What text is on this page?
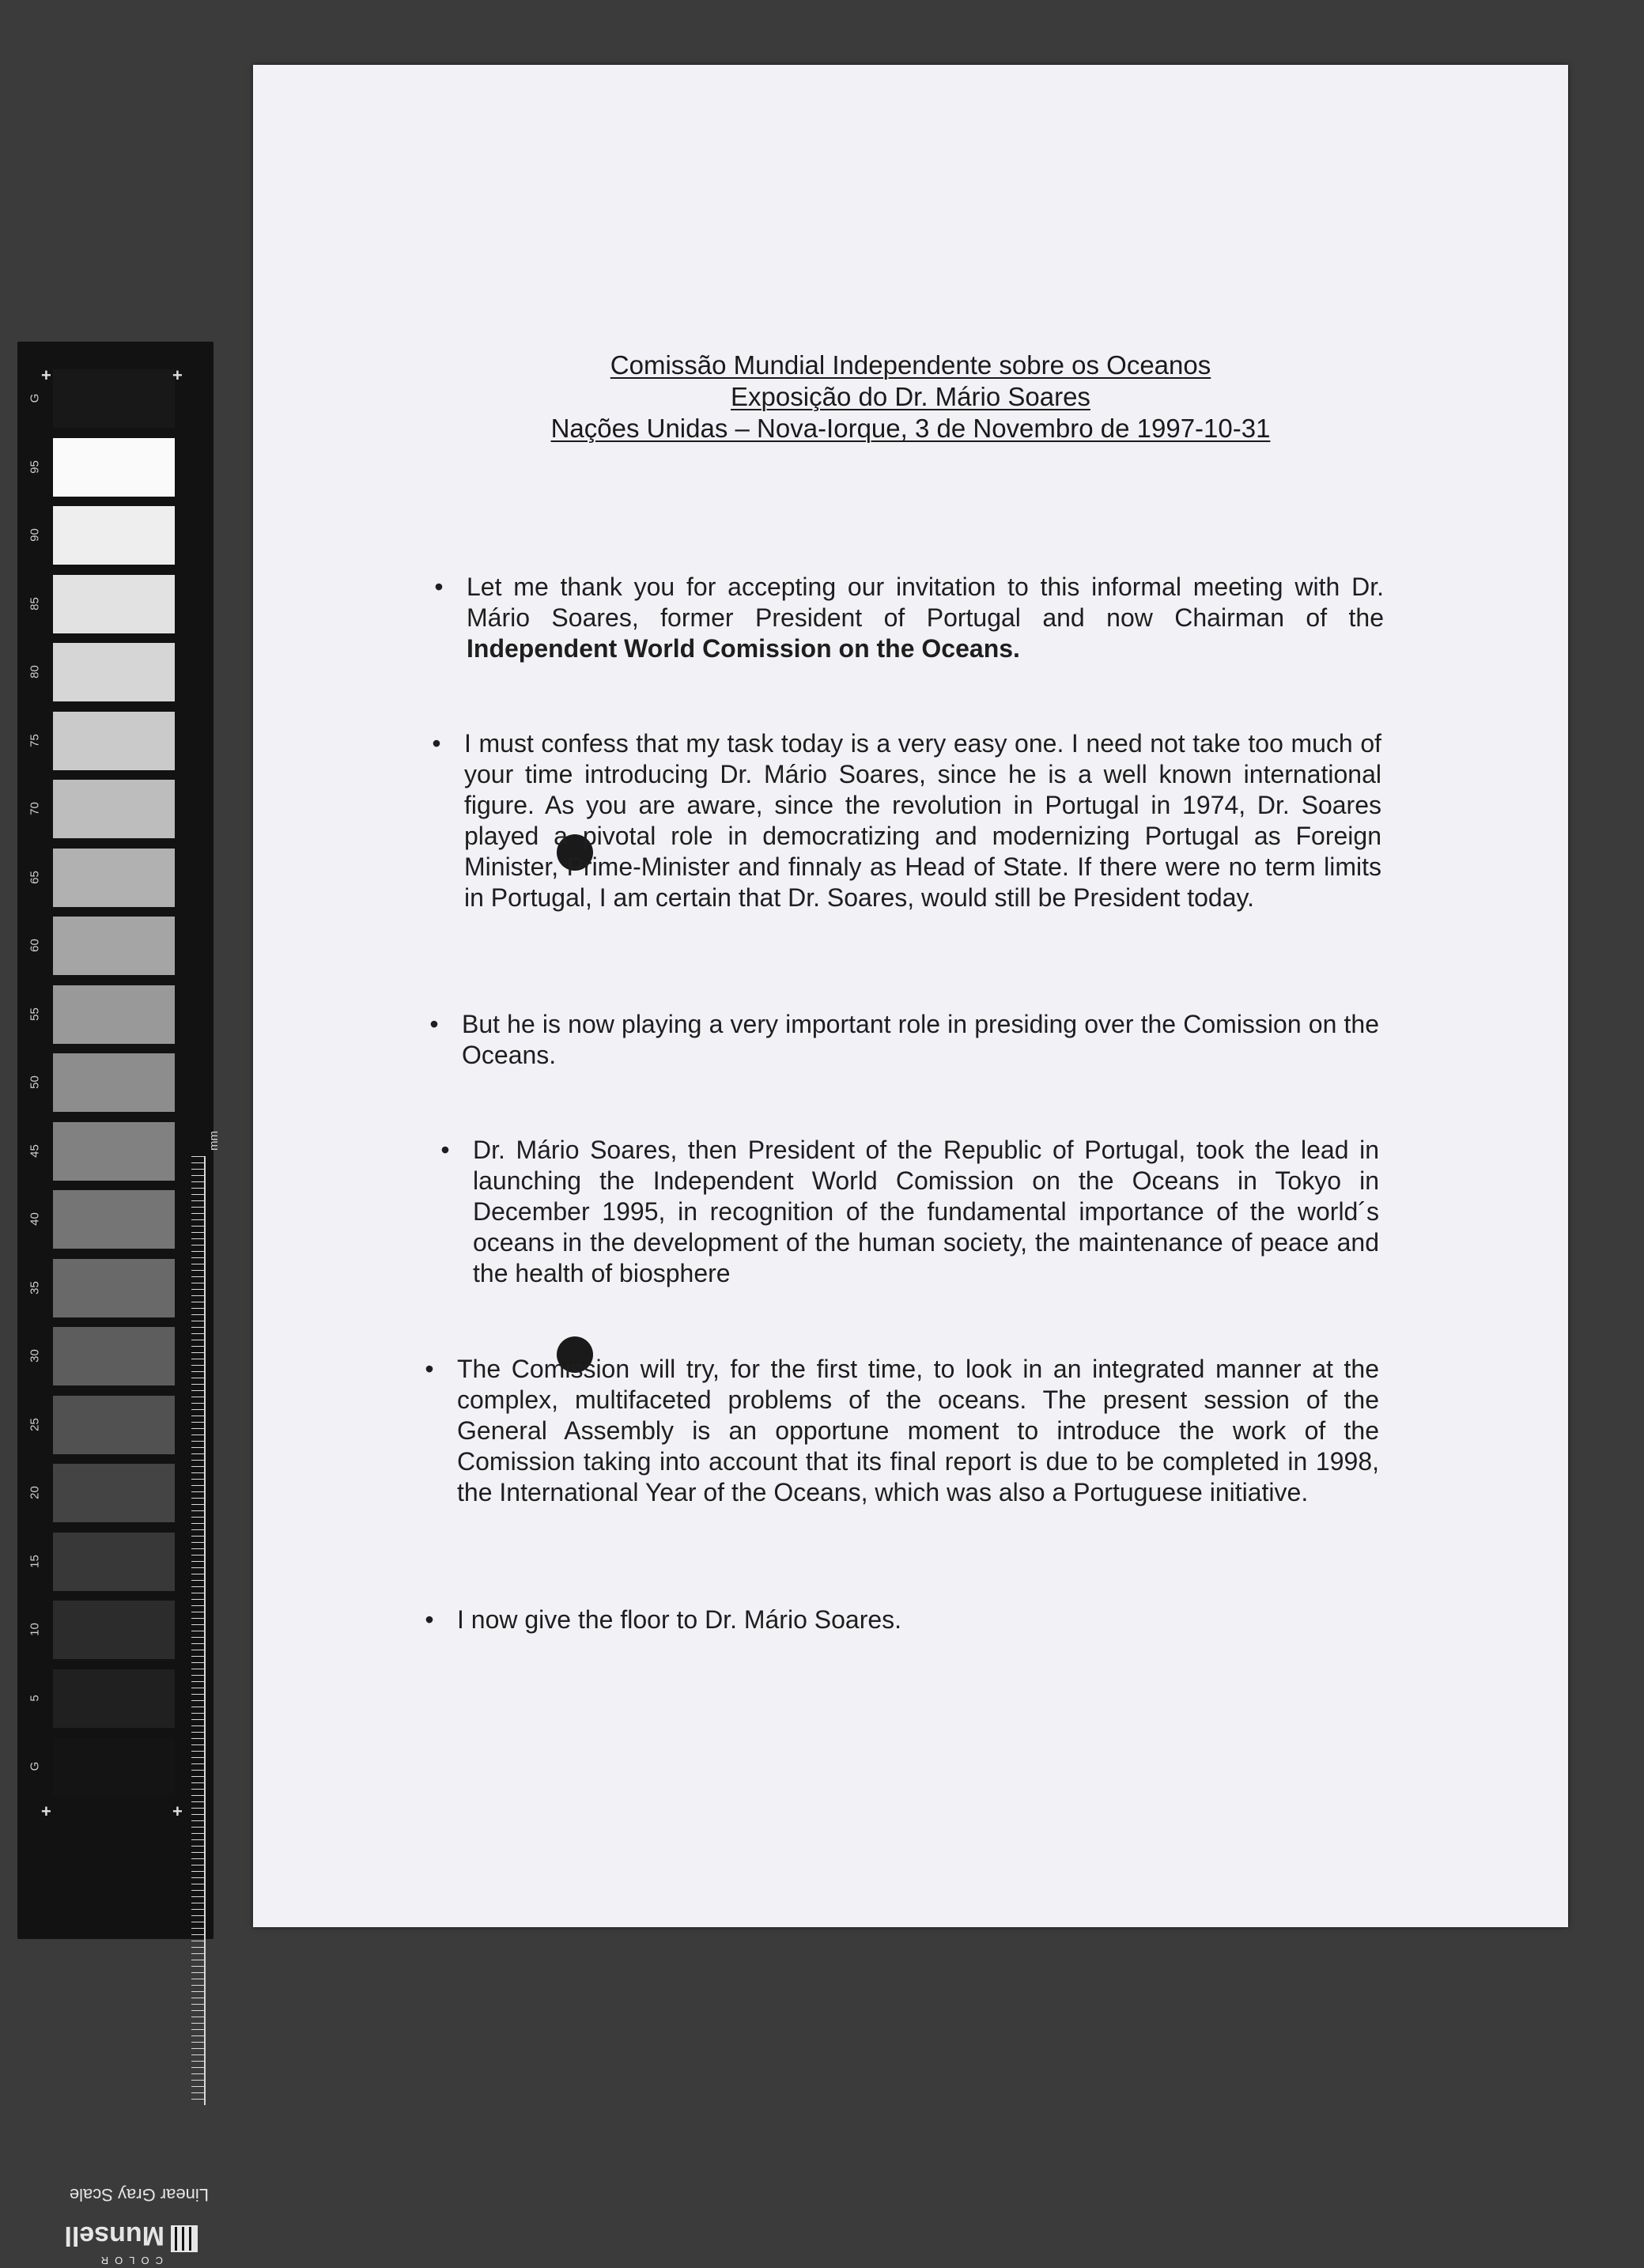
G
95
90
85
80
75
70
65
60
55
50
45
40
35
30
25
20
15
10
5
G
+	+
+	+
mm
Linear Gray Scale
COLOR
Munsell
Comissão Mundial Independente sobre os Oceanos
Exposição do Dr. Mário Soares
Nações Unidas – Nova-Iorque, 3 de Novembro de 1997-10-31
• Let me thank you for accepting our invitation to this informal meeting with Dr. Mário Soares, former President of Portugal and now Chairman of the Independent World Comission on the Oceans.
• I must confess that my task today is a very easy one. I need not take too much of your time introducing Dr. Mário Soares, since he is a well known international figure. As you are aware, since the revolution in Portugal in 1974, Dr. Soares played a pivotal role in democratizing and modernizing Portugal as Foreign Minister, Prime-Minister and finnaly as Head of State. If there were no term limits in Portugal, I am certain that Dr. Soares, would still be President today.
• But he is now playing a very important role in presiding over the Comission on the Oceans.
• Dr. Mário Soares, then President of the Republic of Portugal, took the lead in launching the Independent World Comission on the Oceans in Tokyo in December 1995, in recognition of the fundamental importance of the world´s oceans in the development of the human society, the maintenance of peace and the health of biosphere
• The Comission will try, for the first time, to look in an integrated manner at the complex, multifaceted problems of the oceans. The present session of the General Assembly is an opportune moment to introduce the work of the Comission taking into account that its final report is due to be completed in 1998, the International Year of the Oceans, which was also a Portuguese initiative.
• I now give the floor to Dr. Mário Soares.
